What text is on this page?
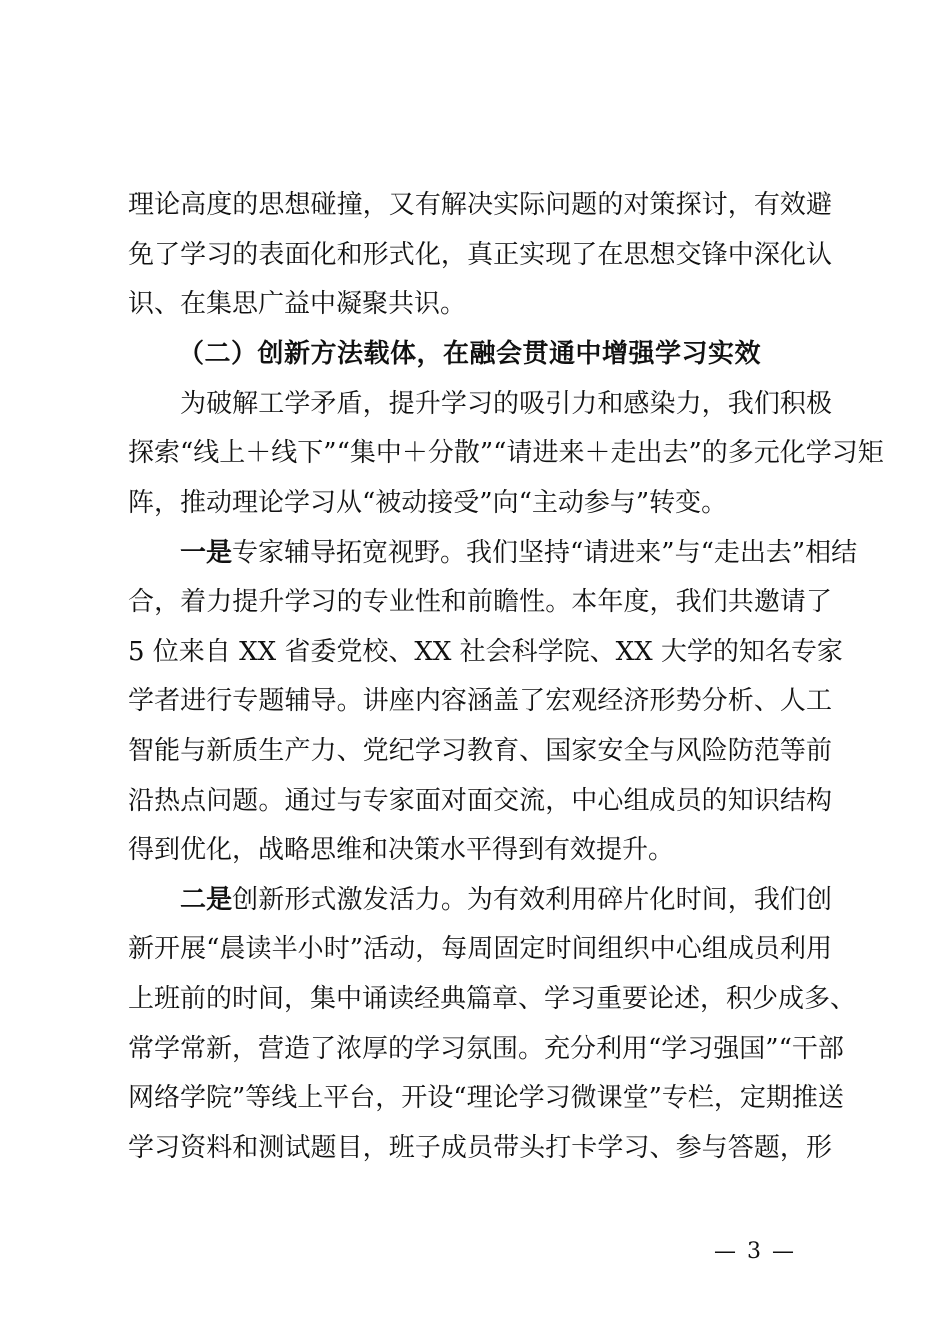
理论高度的思想碰撞，又有解决实际问题的对策探讨，有效避
免了学习的表面化和形式化，真正实现了在思想交锋中深化认
识、在集思广益中凝聚共识。
（二）创新方法载体，在融会贯通中增强学习实效
为破解工学矛盾，提升学习的吸引力和感染力，我们积极
探索“线上＋线下”“集中＋分散”“请进来＋走出去”的多元化学习矩
阵，推动理论学习从“被动接受”向“主动参与”转变。
一是专家辅导拓宽视野。我们坚持“请进来”与“走出去”相结
合，着力提升学习的专业性和前瞻性。本年度，我们共邀请了
5 位来自 XX 省委党校、XX 社会科学院、XX 大学的知名专家
学者进行专题辅导。讲座内容涵盖了宏观经济形势分析、人工
智能与新质生产力、党纪学习教育、国家安全与风险防范等前
沿热点问题。通过与专家面对面交流，中心组成员的知识结构
得到优化，战略思维和决策水平得到有效提升。
二是创新形式激发活力。为有效利用碎片化时间，我们创
新开展“晨读半小时”活动，每周固定时间组织中心组成员利用
上班前的时间，集中诵读经典篇章、学习重要论述，积少成多、
常学常新，营造了浓厚的学习氛围。充分利用“学习强国”“干部
网络学院”等线上平台，开设“理论学习微课堂”专栏，定期推送
学习资料和测试题目，班子成员带头打卡学习、参与答题，形
— 3 —
